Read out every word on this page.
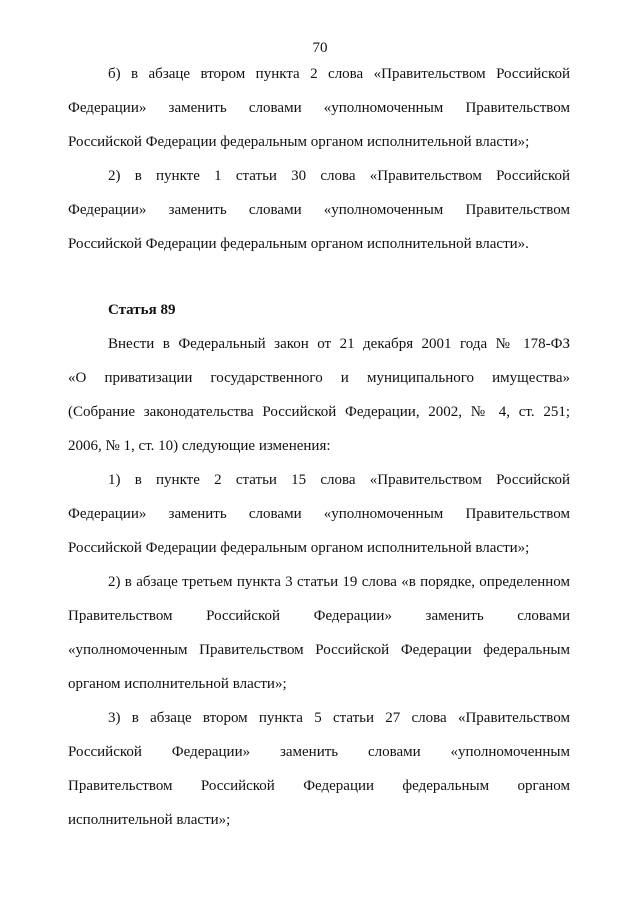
70
б) в абзаце втором пункта 2 слова «Правительством Российской
Федерации» заменить словами «уполномоченным Правительством
Российской Федерации федеральным органом исполнительной власти»;
2) в пункте 1 статьи 30 слова «Правительством Российской
Федерации» заменить словами «уполномоченным Правительством
Российской Федерации федеральным органом исполнительной власти».
Статья 89
Внести в Федеральный закон от 21 декабря 2001 года № 178-ФЗ
«О приватизации государственного и муниципального имущества»
(Собрание законодательства Российской Федерации, 2002, № 4, ст. 251;
2006, № 1, ст. 10) следующие изменения:
1) в пункте 2 статьи 15 слова «Правительством Российской
Федерации» заменить словами «уполномоченным Правительством
Российской Федерации федеральным органом исполнительной власти»;
2) в абзаце третьем пункта 3 статьи 19 слова «в порядке, определенном
Правительством Российской Федерации» заменить словами
«уполномоченным Правительством Российской Федерации федеральным
органом исполнительной власти»;
3) в абзаце втором пункта 5 статьи 27 слова «Правительством
Российской Федерации» заменить словами «уполномоченным
Правительством Российской Федерации федеральным органом
исполнительной власти»;
